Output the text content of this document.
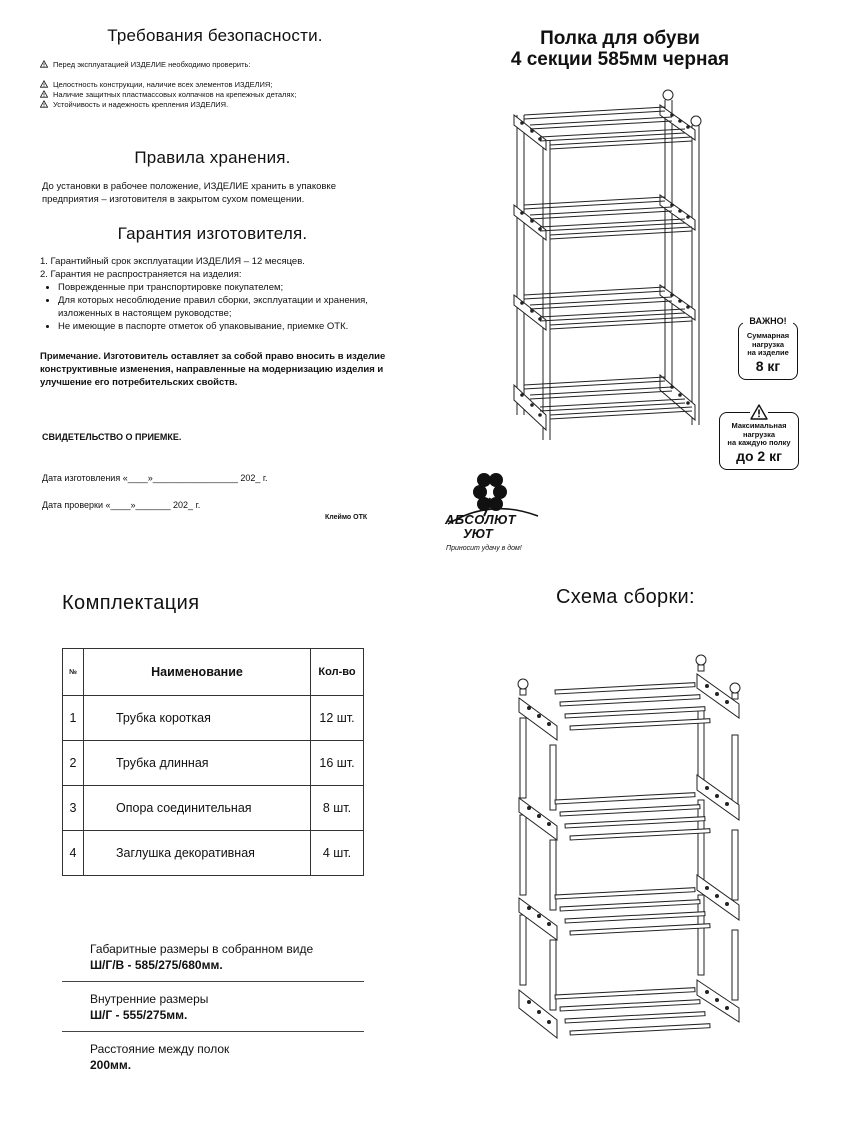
Требования безопасности.
Перед эксплуатацией ИЗДЕЛИЕ необходимо проверить:
Целостность конструкции, наличие всех элементов ИЗДЕЛИЯ;
Наличие защитных пластмассовых колпачков на крепежных деталях;
Устойчивость и надежность крепления ИЗДЕЛИЯ.
Правила хранения.
До установки в рабочее положение, ИЗДЕЛИЕ хранить в упаковке предприятия – изготовителя в закрытом сухом помещении.
Гарантия изготовителя.
1. Гарантийный срок эксплуатации ИЗДЕЛИЯ – 12 месяцев.
2. Гарантия не распространяется на изделия:
• Поврежденные при транспортировке покупателем;
• Для которых несоблюдение правил сборки, эксплуатации и хранения, изложенных в настоящем руководстве;
• Не имеющие в паспорте отметок об упаковывание, приемке ОТК.
Примечание. Изготовитель оставляет за собой право вносить в изделие конструктивные изменения, направленные на модернизацию изделия и улучшение его потребительских свойств.
СВИДЕТЕЛЬСТВО О ПРИЕМКЕ.
Дата изготовления «____»_________________ 202_ г.
Дата проверки «____»_______ 202_ г.
Клеймо ОТК
Полка для обуви
4 секции 585мм черная
ВАЖНО!
Суммарная
нагрузка
на изделие
8 кг
Максимальная
нагрузка
на каждую полку
до 2 кг
АБСОЛЮТ
УЮТ
Приносит удачу в дом!
Комплектация
№	Наименование	Кол-во
1	Трубка короткая	12 шт.
2	Трубка длинная	16 шт.
3	Опора соединительная	8 шт.
4	Заглушка декоративная	4 шт.
Габаритные размеры в собранном виде
Ш/Г/В - 585/275/680мм.
Внутренние размеры
Ш/Г - 555/275мм.
Расстояние между полок
200мм.
Схема сборки:
